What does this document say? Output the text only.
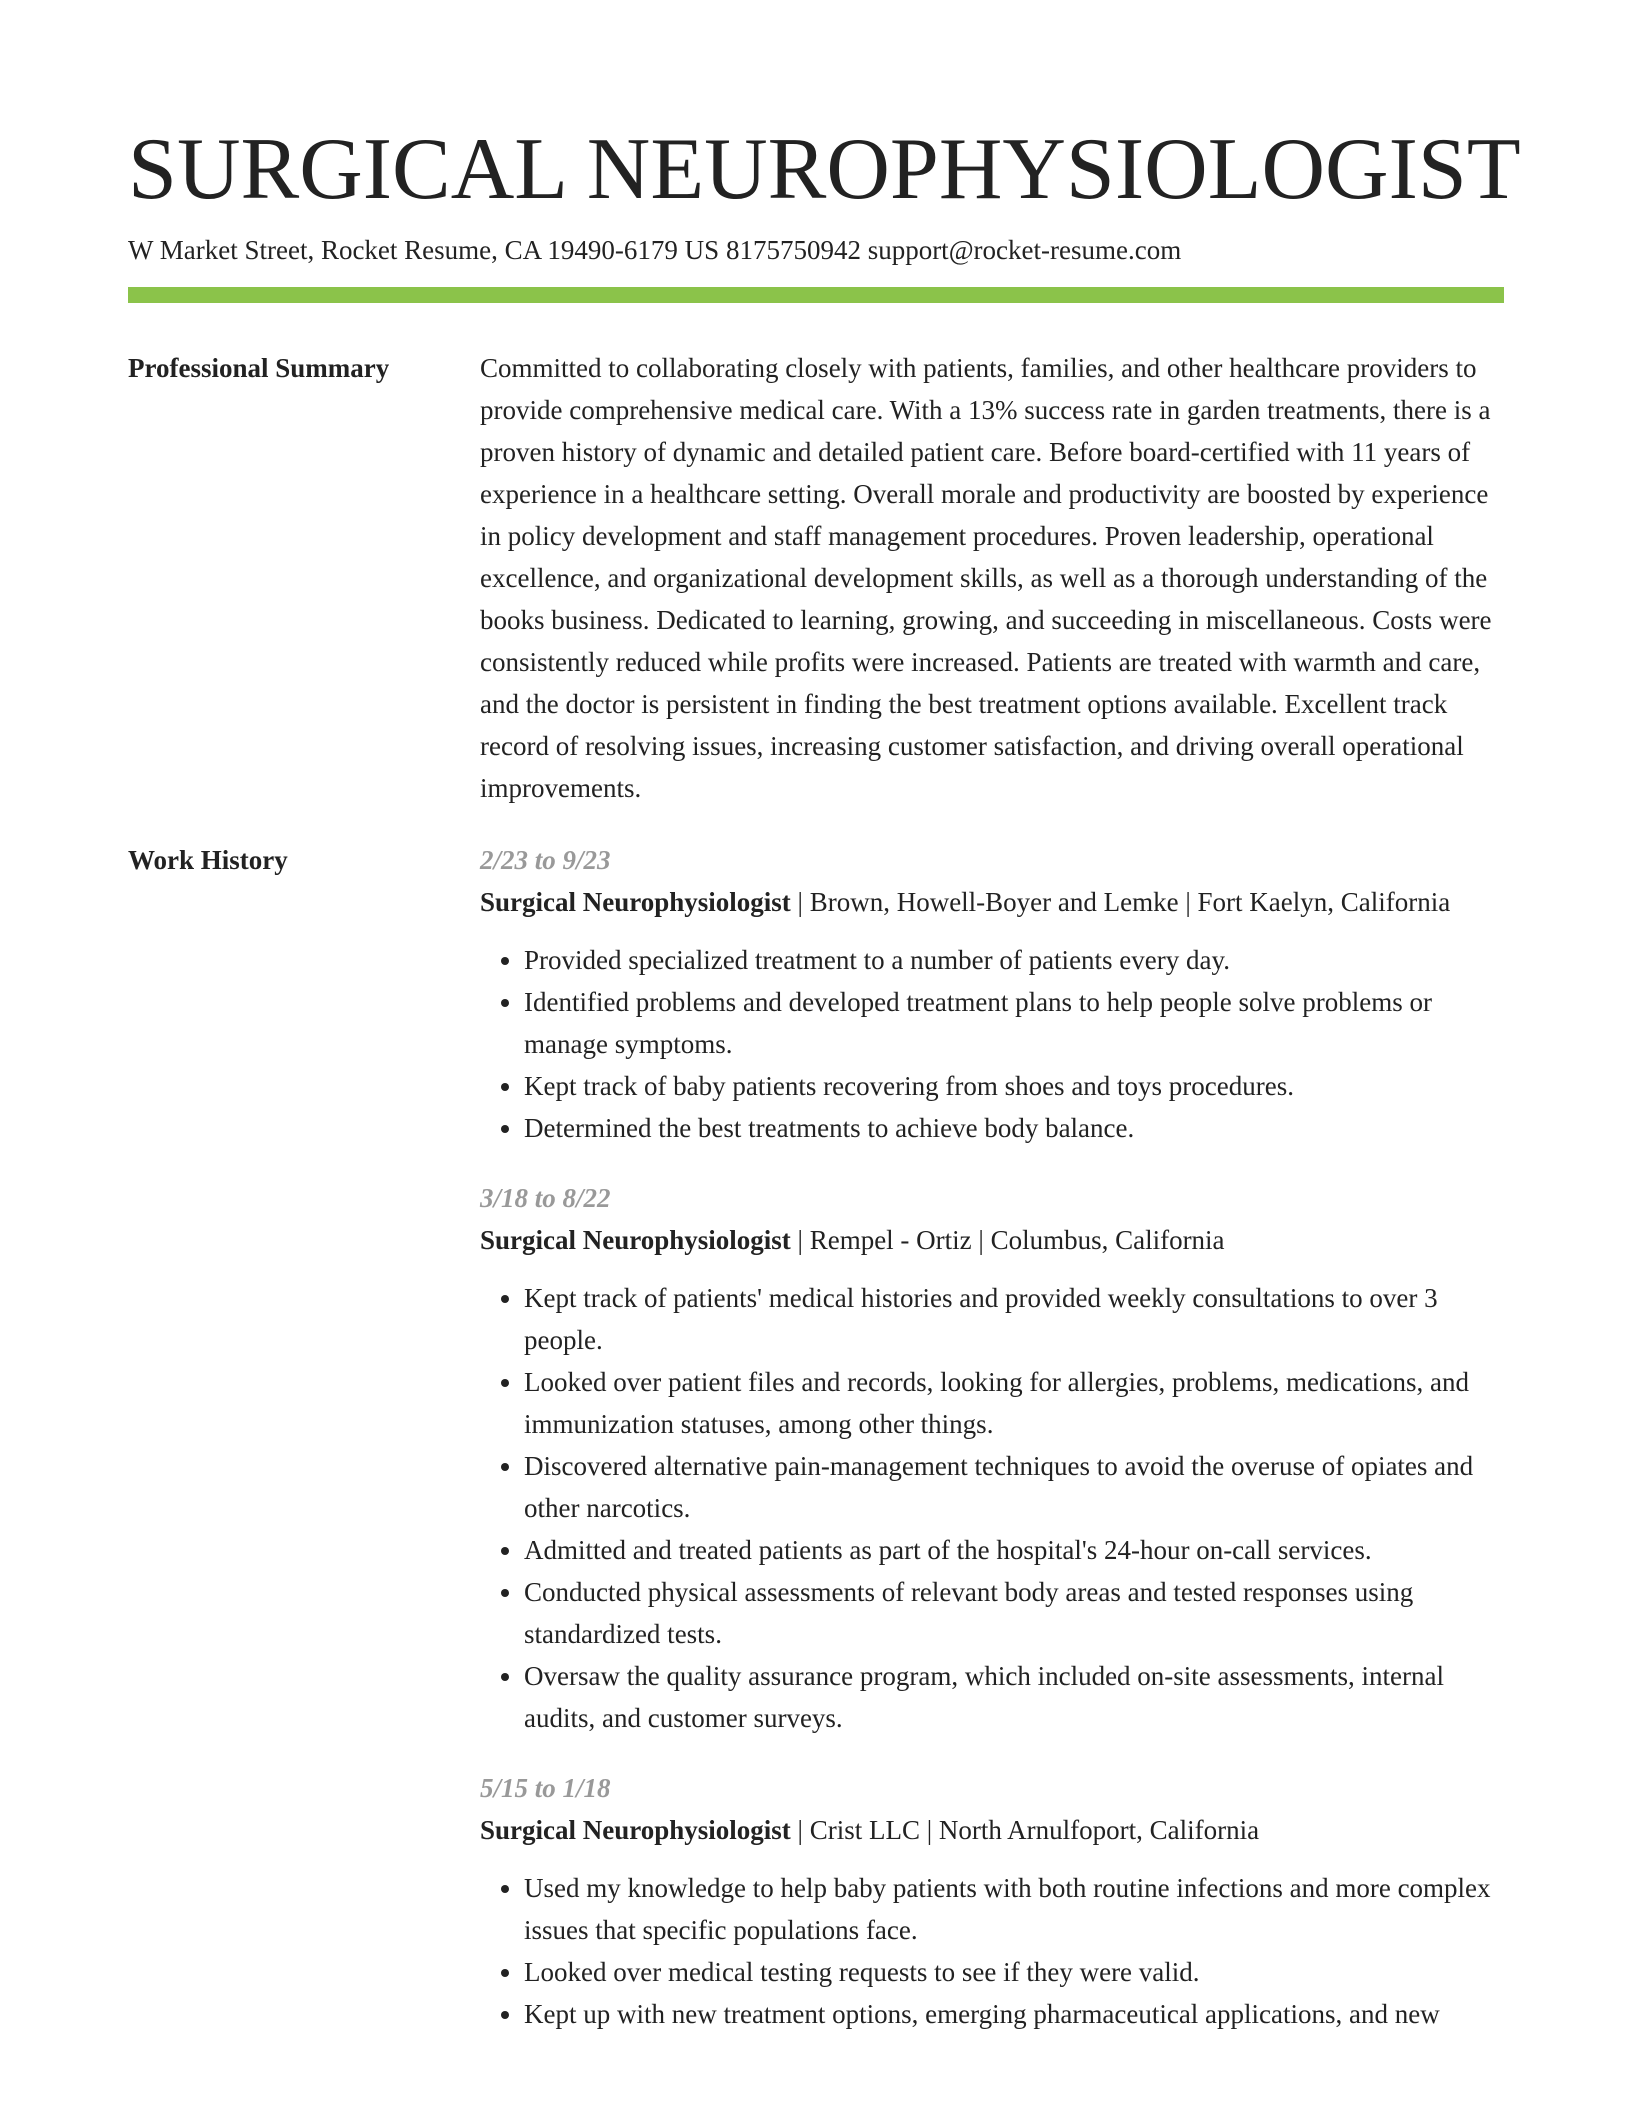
SURGICAL NEUROPHYSIOLOGIST
W Market Street, Rocket Resume, CA 19490-6179 US 8175750942 support@rocket-resume.com
Professional Summary	Committed to collaborating closely with patients, families, and other healthcare providers to provide comprehensive medical care. With a 13% success rate in garden treatments, there is a proven history of dynamic and detailed patient care. Before board-certified with 11 years of experience in a healthcare setting. Overall morale and productivity are boosted by experience in policy development and staff management procedures. Proven leadership, operational excellence, and organizational development skills, as well as a thorough understanding of the books business. Dedicated to learning, growing, and succeeding in miscellaneous. Costs were consistently reduced while profits were increased. Patients are treated with warmth and care, and the doctor is persistent in finding the best treatment options available. Excellent track record of resolving issues, increasing customer satisfaction, and driving overall operational improvements.

Work History	2/23 to 9/23
Surgical Neurophysiologist | Brown, Howell-Boyer and Lemke | Fort Kaelyn, California
• Provided specialized treatment to a number of patients every day.
• Identified problems and developed treatment plans to help people solve problems or manage symptoms.
• Kept track of baby patients recovering from shoes and toys procedures.
• Determined the best treatments to achieve body balance.
3/18 to 8/22
Surgical Neurophysiologist | Rempel - Ortiz | Columbus, California
• Kept track of patients' medical histories and provided weekly consultations to over 3 people.
• Looked over patient files and records, looking for allergies, problems, medications, and immunization statuses, among other things.
• Discovered alternative pain-management techniques to avoid the overuse of opiates and other narcotics.
• Admitted and treated patients as part of the hospital's 24-hour on-call services.
• Conducted physical assessments of relevant body areas and tested responses using standardized tests.
• Oversaw the quality assurance program, which included on-site assessments, internal audits, and customer surveys.
5/15 to 1/18
Surgical Neurophysiologist | Crist LLC | North Arnulfoport, California
• Used my knowledge to help baby patients with both routine infections and more complex issues that specific populations face.
• Looked over medical testing requests to see if they were valid.
• Kept up with new treatment options, emerging pharmaceutical applications, and new
